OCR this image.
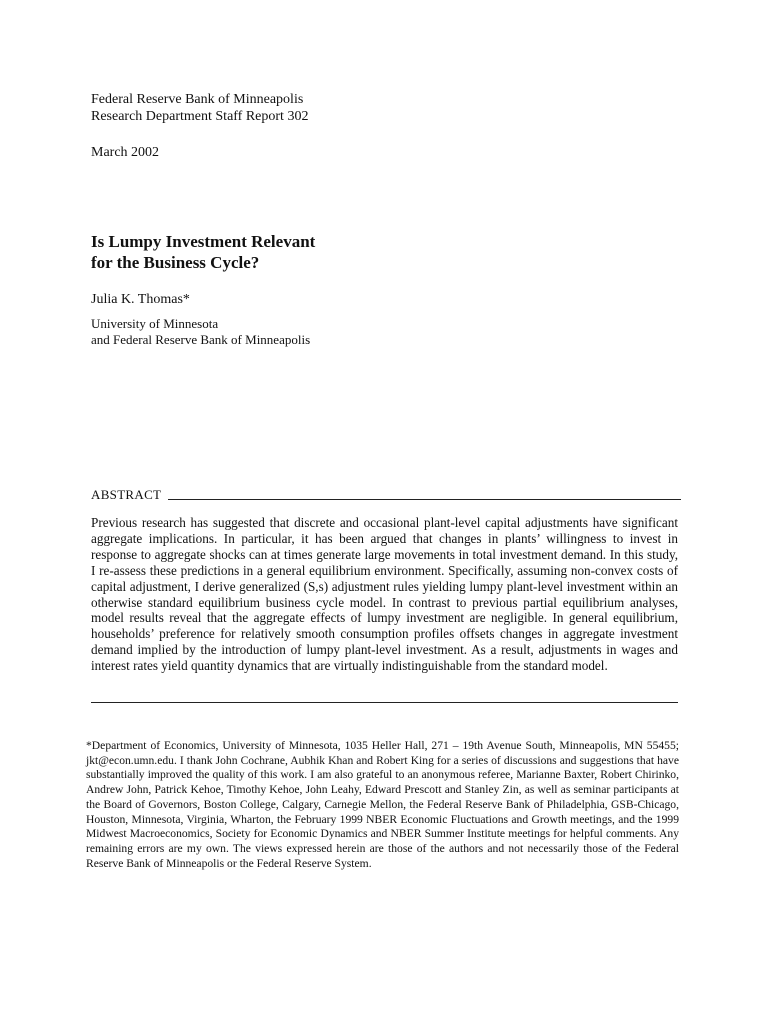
Federal Reserve Bank of Minneapolis
Research Department Staff Report 302
March 2002
Is Lumpy Investment Relevant
for the Business Cycle?
Julia K. Thomas*
University of Minnesota
and Federal Reserve Bank of Minneapolis
ABSTRACT

Previous research has suggested that discrete and occasional plant-level capital adjustments have significant aggregate implications. In particular, it has been argued that changes in plants’ willingness to invest in response to aggregate shocks can at times generate large movements in total investment demand. In this study, I re-assess these predictions in a general equilibrium environment. Specifically, assuming non-convex costs of capital adjustment, I derive generalized (S,s) adjustment rules yielding lumpy plant-level investment within an otherwise standard equilibrium business cycle model. In contrast to previous partial equilibrium analyses, model results reveal that the aggregate effects of lumpy investment are negligible. In general equilibrium, households’ preference for relatively smooth consumption profiles offsets changes in aggregate investment demand implied by the introduction of lumpy plant-level investment. As a result, adjustments in wages and interest rates yield quantity dynamics that are virtually indistinguishable from the standard model.

*Department of Economics, University of Minnesota, 1035 Heller Hall, 271 – 19th Avenue South, Minneapolis, MN 55455; jkt@econ.umn.edu. I thank John Cochrane, Aubhik Khan and Robert King for a series of discussions and suggestions that have substantially improved the quality of this work. I am also grateful to an anonymous referee, Marianne Baxter, Robert Chirinko, Andrew John, Patrick Kehoe, Timothy Kehoe, John Leahy, Edward Prescott and Stanley Zin, as well as seminar participants at the Board of Governors, Boston College, Calgary, Carnegie Mellon, the Federal Reserve Bank of Philadelphia, GSB-Chicago, Houston, Minnesota, Virginia, Wharton, the February 1999 NBER Economic Fluctuations and Growth meetings, and the 1999 Midwest Macroeconomics, Society for Economic Dynamics and NBER Summer Institute meetings for helpful comments. Any remaining errors are my own. The views expressed herein are those of the authors and not necessarily those of the Federal Reserve Bank of Minneapolis or the Federal Reserve System.
